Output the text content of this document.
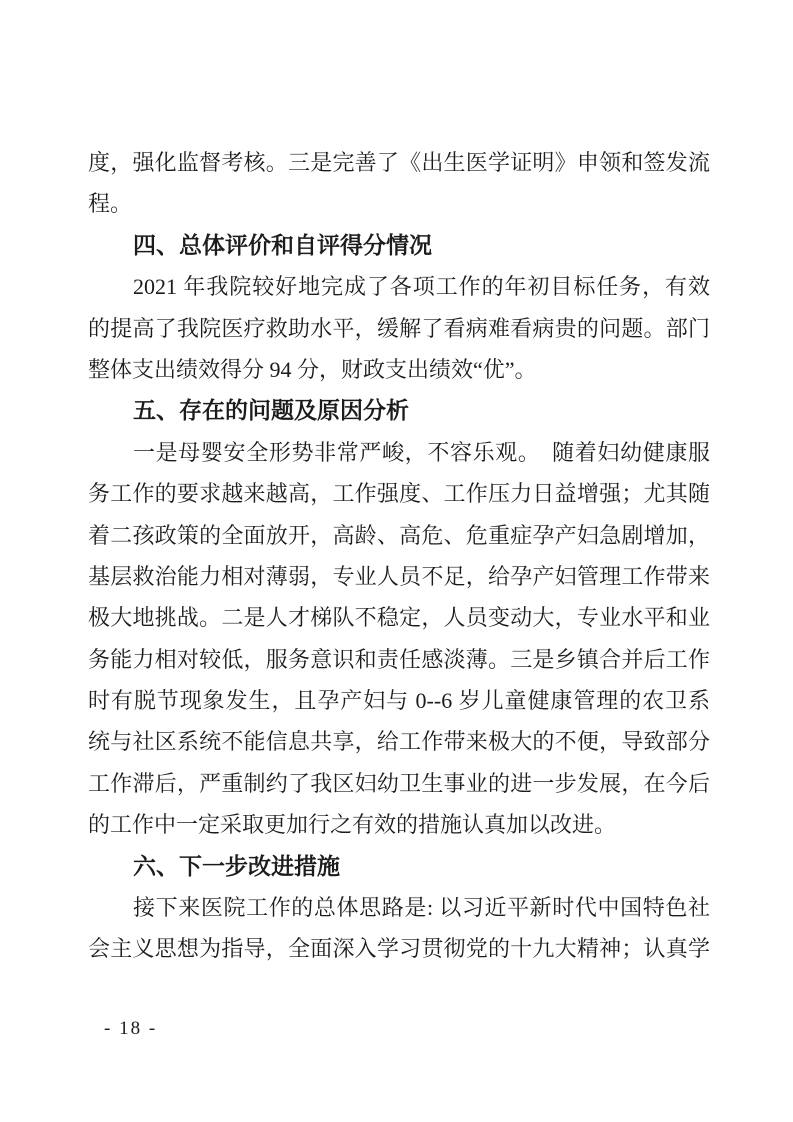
度，强化监督考核。三是完善了《出生医学证明》申领和签发流
程。
四、总体评价和自评得分情况
2021 年我院较好地完成了各项工作的年初目标任务，有效
的提高了我院医疗救助水平，缓解了看病难看病贵的问题。部门
整体支出绩效得分 94 分，财政支出绩效“优”。
五、存在的问题及原因分析
一是母婴安全形势非常严峻，不容乐观。　随着妇幼健康服
务工作的要求越来越高，工作强度、工作压力日益增强；尤其随
着二孩政策的全面放开，高龄、高危、危重症孕产妇急剧增加，
基层救治能力相对薄弱，专业人员不足，给孕产妇管理工作带来
极大地挑战。二是人才梯队不稳定，人员变动大，专业水平和业
务能力相对较低，服务意识和责任感淡薄。三是乡镇合并后工作
时有脱节现象发生，且孕产妇与 0--6 岁儿童健康管理的农卫系
统与社区系统不能信息共享，给工作带来极大的不便，导致部分
工作滞后，严重制约了我区妇幼卫生事业的进一步发展，在今后
的工作中一定采取更加行之有效的措施认真加以改进。
六、下一步改进措施
接下来医院工作的总体思路是: 以习近平新时代中国特色社
会主义思想为指导，全面深入学习贯彻党的十九大精神；认真学
- 18 -
